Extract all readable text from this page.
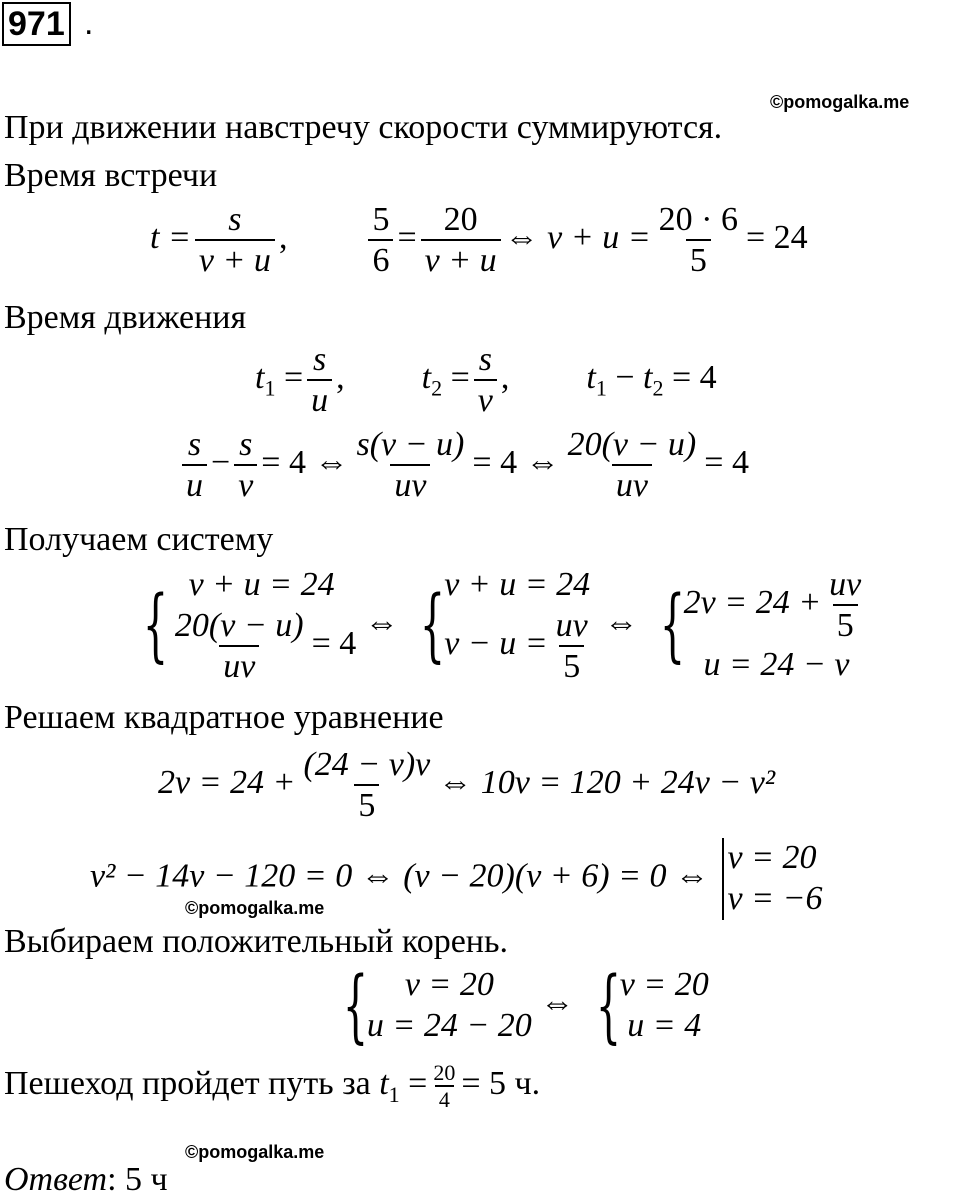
971 .
©pomogalka.me
При движении навстречу скорости суммируются.
Время встречи
$t = \frac{s}{v + u}$ , $\frac{5}{6} = \frac{20}{v + u}$ ⇔ $v + u = \frac{20 \cdot 6}{5} = 24$
Время движения
$t_1 = \frac{s}{u}$ , $t_2 = \frac{s}{v}$ , $t_1 - t_2 = 4$
$\frac{s}{u} - \frac{s}{v} = 4$ ⇔ $\frac{s(v - u)}{uv} = 4$ ⇔ $\frac{20(v - u)}{uv} = 4$
Получаем систему
{ v + u = 24
$\frac{20(v - u)}{uv} = 4$
⇔ {
v + u = 24
$v - u = \frac{uv}{5}$ ⇔ {
$2v = 24 + \frac{uv}{5}$
u = 24 − v
Решаем квадратное уравнение
$2v = 24 + \frac{(24 - v)v}{5}$ ⇔ 10v = 120 + 24v − v²
v² − 14v − 120 = 0 ⇔ (v − 20)(v + 6) = 0 ⇔
v = 20
v = −6
©pomogalka.me
Выбираем положительный корень.
{	v = 20
u = 24 − 20
⇔ {
v = 20
u = 4
Пешеход пройдет путь за $t_1 = \frac{20}{4} = 5$ ч.
©pomogalka.me
Ответ: 5 ч
